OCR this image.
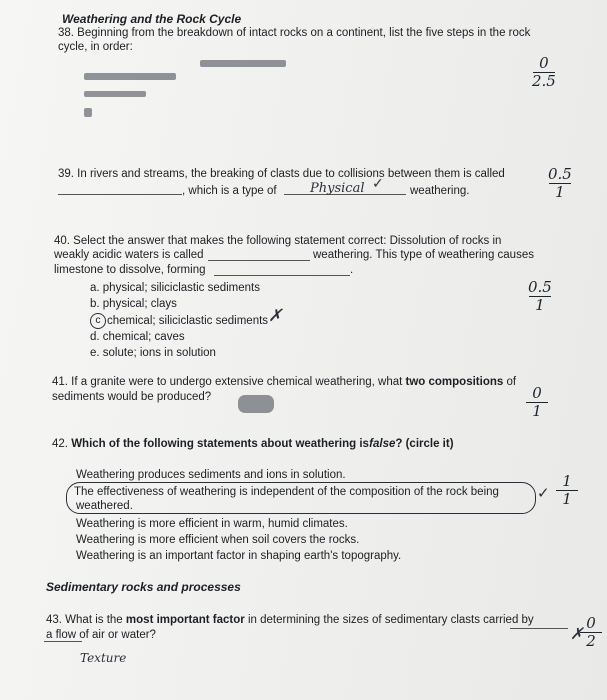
Weathering and the Rock Cycle
38. Beginning from the breakdown of intact rocks on a continent, list the five steps in the rock
cycle, in order:
0
2.5
39. In rivers and streams, the breaking of clasts due to collisions between them is called
, which is a type of	Physical ✓ weathering.
0.5
1
40. Select the answer that makes the following statement correct: Dissolution of rocks in
weakly acidic waters is called	weathering. This type of weathering causes
limestone to dissolve, forming	.
a. physical; siliciclastic sediments
b. physical; clays
c chemical; siliciclastic sediments ✗
d. chemical; caves
e. solute; ions in solution
0.5
1
41. If a granite were to undergo extensive chemical weathering, what two compositions of
sediments would be produced?	0
1
42. Which of the following statements about weathering is false? (circle it)
Weathering produces sediments and ions in solution.
The effectiveness of weathering is independent of the composition of the rock being
weathered.
✓
Weathering is more efficient in warm, humid climates.
Weathering is more efficient when soil covers the rocks.
Weathering is an important factor in shaping earth's topography.
1
1
Sedimentary rocks and processes
43. What is the most important factor in determining the sizes of sedimentary clasts carried by
a flow of air or water?
Texture
✗
0
2
